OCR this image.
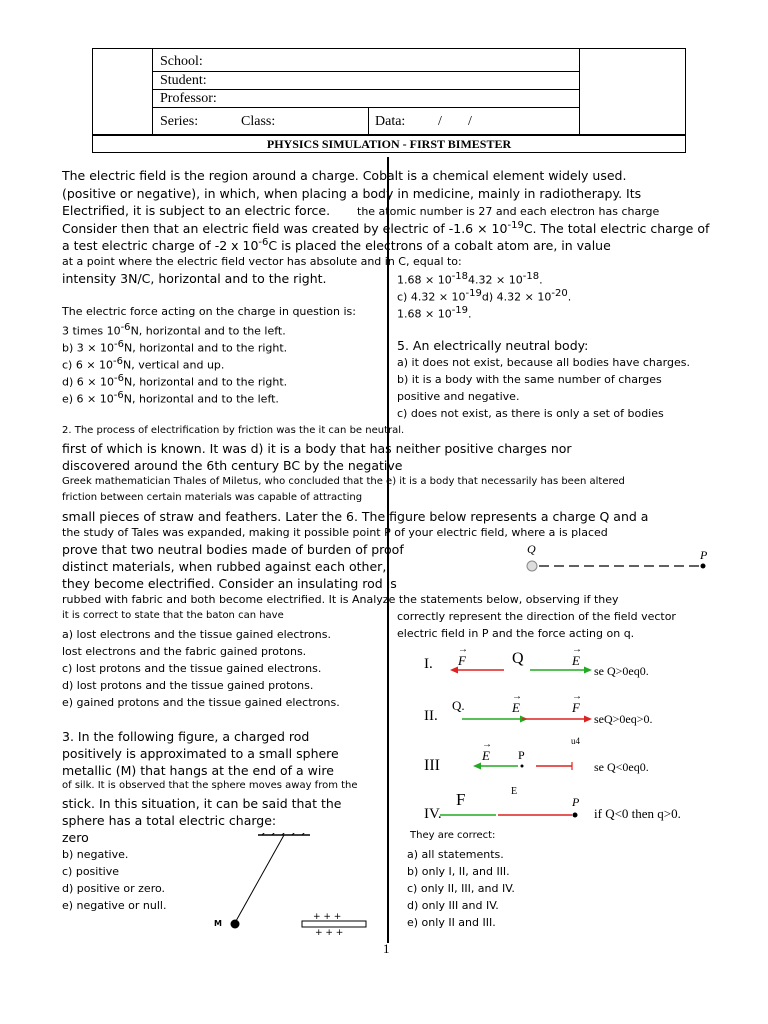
School:
Student:
Professor:
Series:	Class:	Data: / /
PHYSICS SIMULATION - FIRST BIMESTER
The electric field is the region around a charge. Cobalt is a chemical element widely used.
(positive or negative), in which, when placing a body in medicine, mainly in radiotherapy. Its
Electrified, it is subject to an electric force. the atomic number is 27 and each electron has charge
Consider then that an electric field was created by electric of $-1.6 \times 10^{-19}C$. The total electric charge of
a test electric charge of -2 x $10^{-6}C$ is placed the electrons of a cobalt atom are, in value
at a point where the electric field vector has absolute and in C, equal to:
intensity 3N/C, horizontal and to the right.	$1.68 \times 10^{-18}4.32 \times 10^{-18}$.
c) $4.32 \times 10^{-19}d$) $4.32 \times 10^{-20}$.
The electric force acting on the charge in question is:	$1.68 \times 10^{-19}$.
3 times $10^{-6}N$, horizontal and to the left.
b) $3 \times 10^{-6}N$, horizontal and to the right.	5. An electrically neutral body:
c) $6 \times 10^{-6}N$, vertical and up.	a) it does not exist, because all bodies have charges.
d) $6 \times 10^{-6}N$, horizontal and to the right.	b) it is a body with the same number of charges
e) $6 \times 10^{-6}N$, horizontal and to the left.	positive and negative.
c) does not exist, as there is only a set of bodies
2. The process of electrification by friction was the it can be neutral.
first of which is known. It was d) it is a body that has neither positive charges nor
discovered around the 6th century BC by the negative
Greek mathematician Thales of Miletus, who concluded that the e) it is a body that necessarily has been altered
friction between certain materials was capable of attracting
small pieces of straw and feathers. Later the 6. The figure below represents a charge Q and a
the study of Tales was expanded, making it possible point P of your electric field, where a is placed
prove that two neutral bodies made of burden of proof
distinct materials, when rubbed against each other,
they become electrified. Consider an insulating rod is
rubbed with fabric and both become electrified. It is Analyze the statements below, observing if they
it is correct to state that the baton can have	correctly represent the direction of the field vector
a) lost electrons and the tissue gained electrons.	electric field in P and the force acting on q.
lost electrons and the fabric gained protons.
c) lost protons and the tissue gained electrons.
d) lost protons and the tissue gained protons.
e) gained protons and the tissue gained electrons.
3. In the following figure, a charged rod
positively is approximated to a small sphere
metallic (M) that hangs at the end of a wire
of silk. It is observed that the sphere moves away from the
stick. In this situation, it can be said that the
sphere has a total electric charge:
zero	They are correct:
b) negative.	a) all statements.
c) positive	b) only I, II, and III.
d) positive or zero.	c) only II, III, and IV.
e) negative or null.	d) only III and IV.
e) only II and III.
Q	P
I.
→
F	Q
→
E
se Q>0eq0.
II.
Q.
→
E
→
F
seQ>0eq>0.
u4
III
→
E P
se Q<0eq0.
IV.
F	E
P
if Q<0 then q>0.
M
+ + +
+ + +
1
